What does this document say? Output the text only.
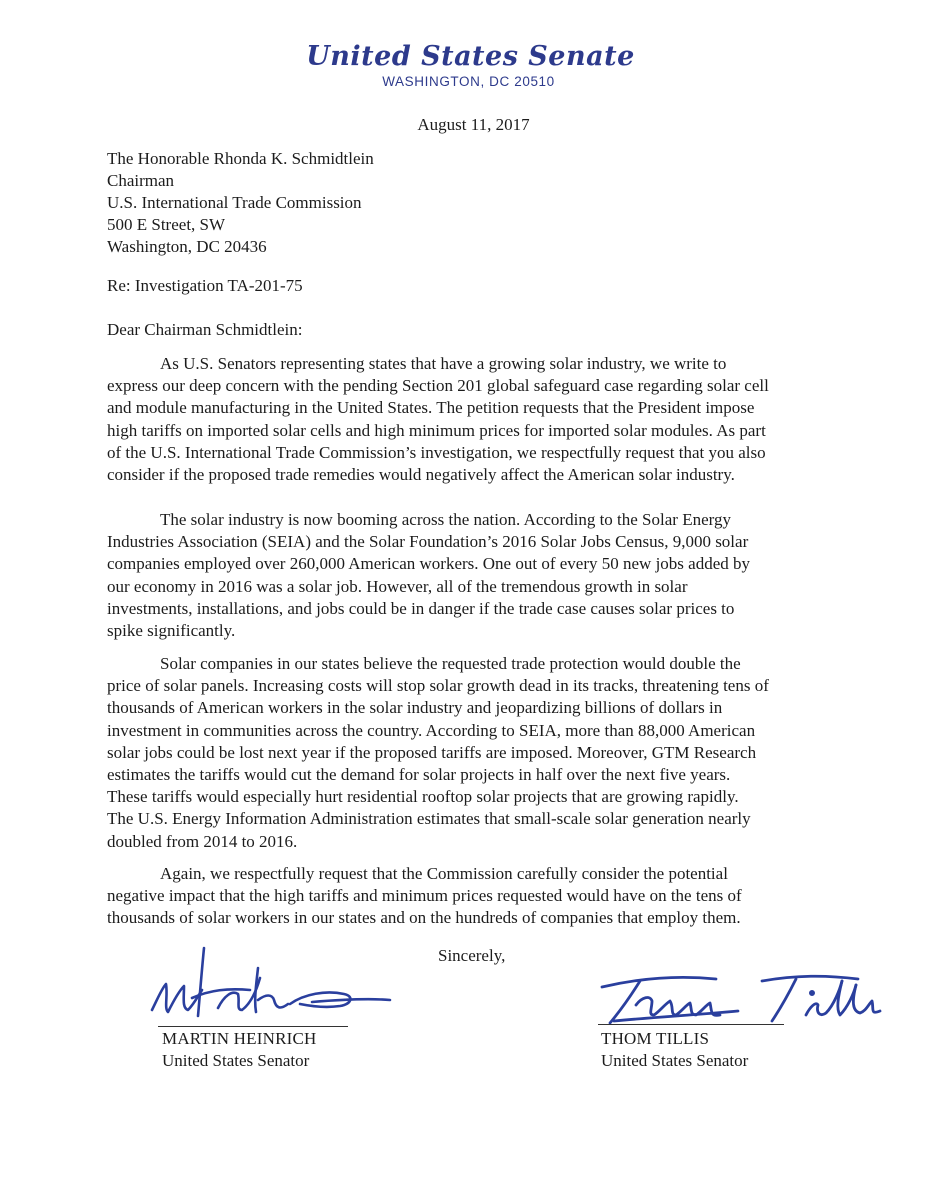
United States Senate
WASHINGTON, DC 20510
August 11, 2017
The Honorable Rhonda K. Schmidtlein
Chairman
U.S. International Trade Commission
500 E Street, SW
Washington, DC 20436
Re: Investigation TA-201-75
Dear Chairman Schmidtlein:
As U.S. Senators representing states that have a growing solar industry, we write to
express our deep concern with the pending Section 201 global safeguard case regarding solar cell
and module manufacturing in the United States. The petition requests that the President impose
high tariffs on imported solar cells and high minimum prices for imported solar modules. As part
of the U.S. International Trade Commission’s investigation, we respectfully request that you also
consider if the proposed trade remedies would negatively affect the American solar industry.
The solar industry is now booming across the nation. According to the Solar Energy
Industries Association (SEIA) and the Solar Foundation’s 2016 Solar Jobs Census, 9,000 solar
companies employed over 260,000 American workers. One out of every 50 new jobs added by
our economy in 2016 was a solar job. However, all of the tremendous growth in solar
investments, installations, and jobs could be in danger if the trade case causes solar prices to
spike significantly.
Solar companies in our states believe the requested trade protection would double the
price of solar panels. Increasing costs will stop solar growth dead in its tracks, threatening tens of
thousands of American workers in the solar industry and jeopardizing billions of dollars in
investment in communities across the country. According to SEIA, more than 88,000 American
solar jobs could be lost next year if the proposed tariffs are imposed. Moreover, GTM Research
estimates the tariffs would cut the demand for solar projects in half over the next five years.
These tariffs would especially hurt residential rooftop solar projects that are growing rapidly.
The U.S. Energy Information Administration estimates that small-scale solar generation nearly
doubled from 2014 to 2016.
Again, we respectfully request that the Commission carefully consider the potential
negative impact that the high tariffs and minimum prices requested would have on the tens of
thousands of solar workers in our states and on the hundreds of companies that employ them.
Sincerely,
MARTIN HEINRICH
United States Senator
THOM TILLIS
United States Senator
